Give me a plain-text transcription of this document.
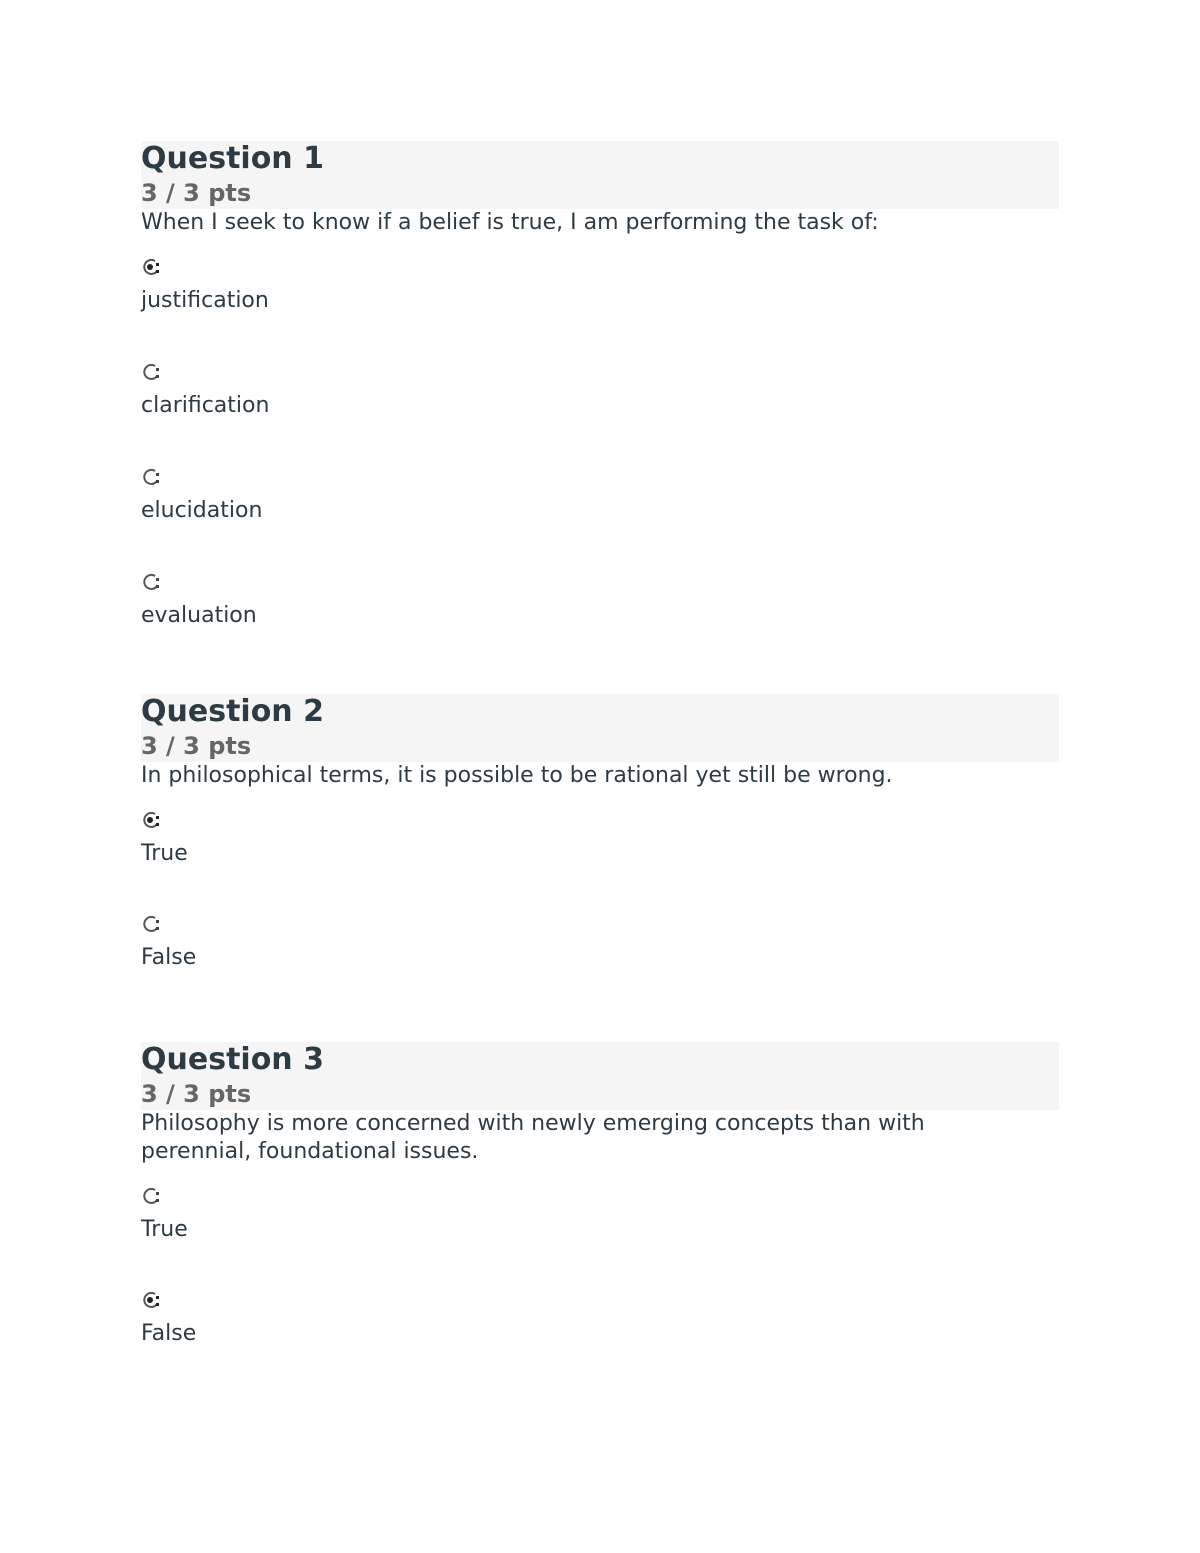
Question 1
3 / 3 pts
When I seek to know if a belief is true, I am performing the task of:
justification
clarification
elucidation
evaluation
Question 2
3 / 3 pts
In philosophical terms, it is possible to be rational yet still be wrong.
True
False
Question 3
3 / 3 pts
Philosophy is more concerned with newly emerging concepts than with perennial, foundational issues.
True
False
